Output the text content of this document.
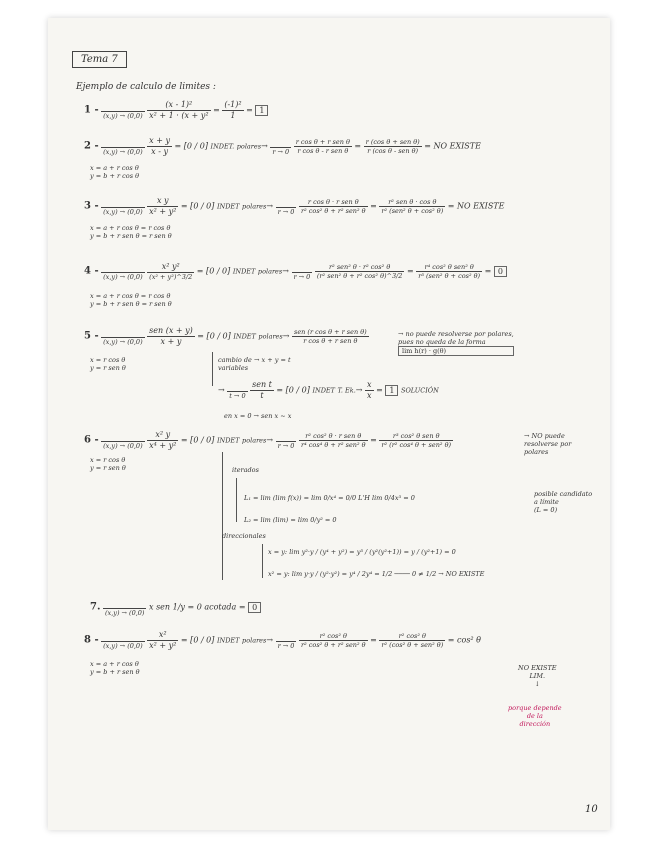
Tema 7
Ejemplo de calculo de limites :
1 -

(x,y) → (0,0)
$\frac{\text{(x - 1)²}}{\text{x² + 1 · (x + y²}} = \frac{\text{(-1)²}}{1} = 1$
2 -

(x,y) → (0,0)
$\frac{x + y}{x - y} = [0 / 0]$ INDET. polares→

r → 0
$\frac{\text{r cos θ + r sen θ}}{\text{r cos θ - r sen θ}} = \frac{\text{r (cos θ + sen θ)}}{\text{r (cos θ - sen θ)}}$ = NO EXISTE
x = a + r cos θ
y = b + r cos θ
3 -

(x,y) → (0,0)
$\frac{\text{x y}}{\text{x² + y²}} = [0 / 0]$ INDET polares→

r → 0
$\frac{\text{r cos θ · r sen θ}}{\text{r² cos² θ + r² sen² θ}} = \frac{\text{r² sen θ · cos θ}}{\text{r² (sen² θ + cos² θ)}}$ = NO EXISTE
x = a + r cos θ = r cos θ
y = b + r sen θ = r sen θ
4 -

(x,y) → (0,0)
$\frac{\text{x² y²}}{\text{(x² + y²)\textasciicircum{}3/2}} = [0 / 0]$ INDET polares→

r → 0
$\frac{\text{r² sen² θ · r² cos² θ}}{\text{(r² sen² θ + r² cos² θ)\textasciicircum{}3/2}} = \frac{\text{r⁴ cos² θ sen² θ}}{\text{r³ (sen² θ + cos² θ)}} = 0$
x = a + r cos θ = r cos θ
y = b + r sen θ = r sen θ
5 -

(x,y) → (0,0)
$\frac{\text{sen (x + y)}}{x + y} = [0 / 0]$ INDET polares→ $\frac{\text{sen (r cos θ + r sen θ)}}{\text{r cos θ + r sen θ}}$	→ no puede resolverse por polares,
pues no queda de la forma
lim h(r) · g(θ)
x = r cos θ
y = r sen θ
cambio de → x + y = t
variables
→

t → 0
$\frac{\text{sen t}}{t} = [0 / 0]$ INDET T. $Ek.\to \frac{x}{x} = 1$ SOLUCIÓN
en x = 0 → sen x ~ x
6 -

(x,y) → (0,0)
$\frac{\text{x² y}}{\text{x⁴ + y²}} = [0 / 0]$ INDET polares→

r → 0
$\frac{\text{r² cos² θ · r sen θ}}{\text{r⁴ cos⁴ θ + r² sen² θ}} = \frac{\text{r³ cos² θ sen θ}}{\text{r² (r² cos⁴ θ + sen² θ)}}$	→ NO puede
resolverse por
polares
x = r cos θ
y = r sen θ	iterados
L₁ = lim (lim f(x)) = lim 0/x⁴ = 0/0 L'H lim 0/4x³ = 0
L₂ = lim (lim) = lim 0/y² = 0
posible candidato
a límite
(L = 0)
direccionales
x = y: lim y²·y / (y⁴ + y²) = y³ / (y²(y²+1)) = y / (y²+1) = 0
x² = y: lim y·y / (y²·y²) = y⁴ / 2y⁴ = 1/2 ──── 0 ≠ 1/2 → NO EXISTE
7.

(x,y) → (0,0)
x sen 1/y = 0 acotada = 0
8 -

(x,y) → (0,0)
$\frac{\text{x²}}{\text{x² + y²}} = [0 / 0]$ INDET polares→

r → 0
$\frac{\text{r² cos² θ}}{\text{r² cos² θ + r² sen² θ}} = \frac{\text{r² cos² θ}}{\text{r² (cos² θ + sen² θ)}} = \cos^2$ θ
x = a + r cos θ
y = b + r sen θ	NO EXISTE
LIM.
↓
porque depende
de la
dirección
10
